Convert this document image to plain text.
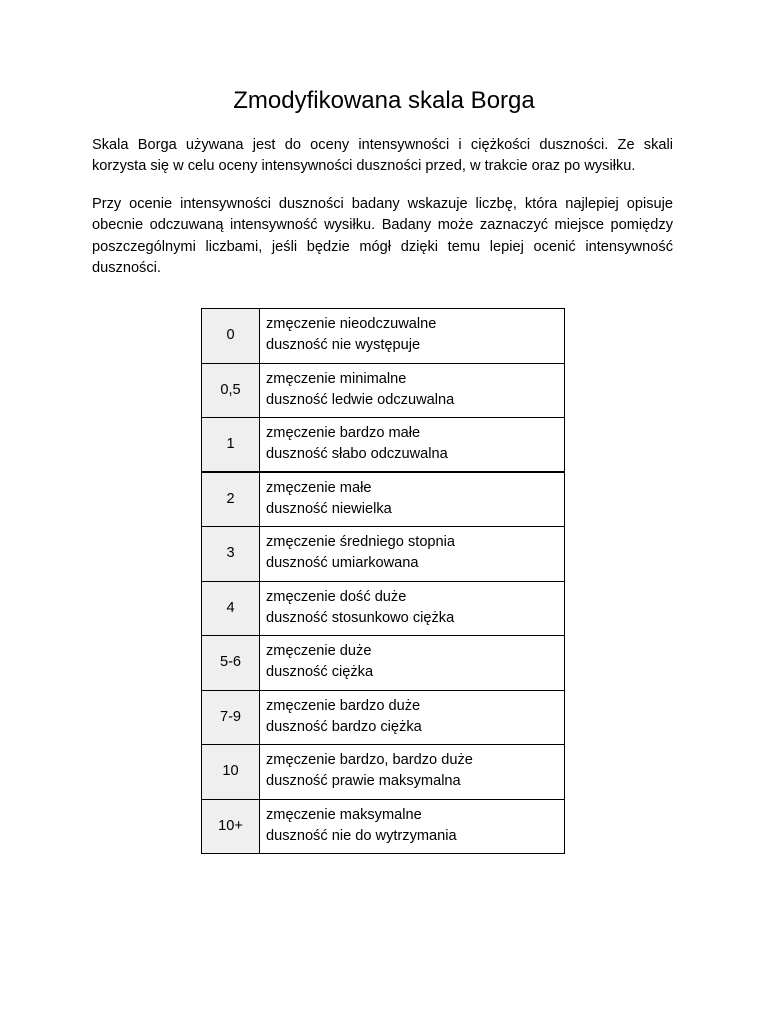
Zmodyfikowana skala Borga

Skala Borga używana jest do oceny intensywności i ciężkości duszności. Ze skali korzysta się w celu oceny intensywności duszności przed, w trakcie oraz po wysiłku.

Przy ocenie intensywności duszności badany wskazuje liczbę, która najlepiej opisuje obecnie odczuwaną intensywność wysiłku. Badany może zaznaczyć miejsce pomiędzy poszczególnymi liczbami, jeśli będzie mógł dzięki temu lepiej ocenić intensywność duszności.

0	zmęczenie nieodczuwalne
duszność nie występuje

0,5	zmęczenie minimalne
duszność ledwie odczuwalna

1	zmęczenie bardzo małe
duszność słabo odczuwalna

2	zmęczenie małe
duszność niewielka

3	zmęczenie średniego stopnia
duszność umiarkowana

4	zmęczenie dość duże
duszność stosunkowo ciężka

5-6	zmęczenie duże
duszność ciężka

7-9	zmęczenie bardzo duże
duszność bardzo ciężka

10	zmęczenie bardzo, bardzo duże
duszność prawie maksymalna

10+	zmęczenie maksymalne
duszność nie do wytrzymania
